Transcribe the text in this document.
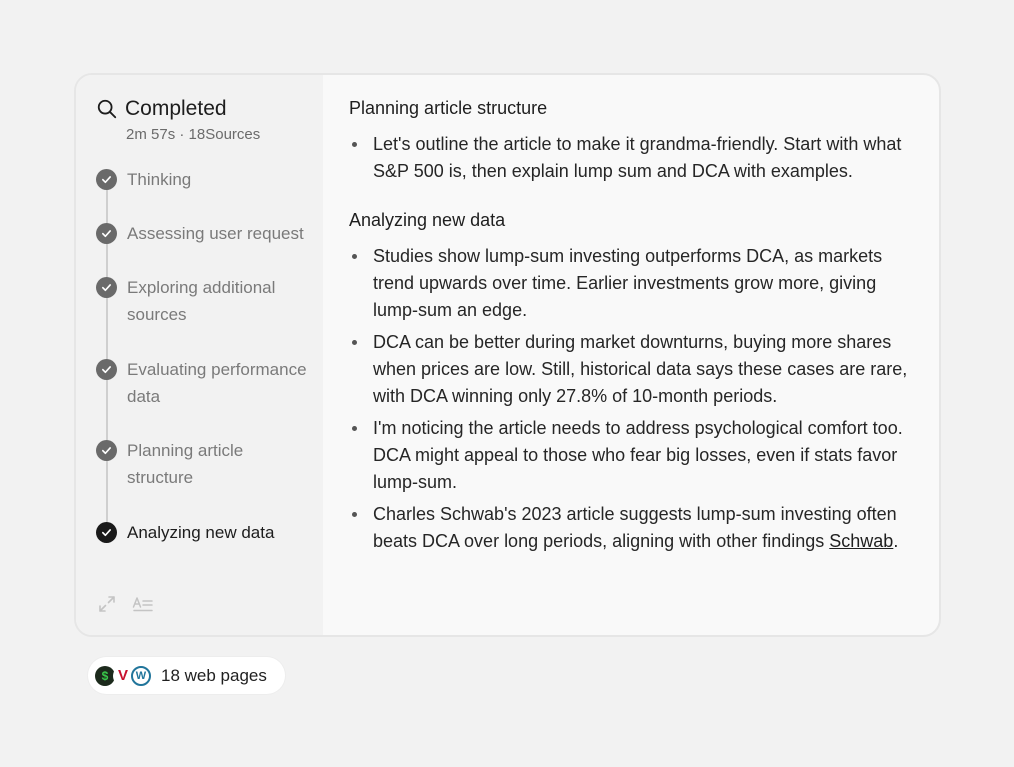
Completed
2m 57s · 18Sources
Thinking
Assessing user request
Exploring additional sources
Evaluating performance data
Planning article structure
Analyzing new data
Planning article structure
Let's outline the article to make it grandma-friendly. Start with what S&P 500 is, then explain lump sum and DCA with examples.
Analyzing new data
Studies show lump-sum investing outperforms DCA, as markets trend upwards over time. Earlier investments grow more, giving lump-sum an edge.
DCA can be better during market downturns, buying more shares when prices are low. Still, historical data says these cases are rare, with DCA winning only 27.8% of 10-month periods.
I'm noticing the article needs to address psychological comfort too. DCA might appeal to those who fear big losses, even if stats favor lump-sum.
Charles Schwab's 2023 article suggests lump-sum investing often beats DCA over long periods, aligning with other findings Schwab.
$ V W 18 web pages
